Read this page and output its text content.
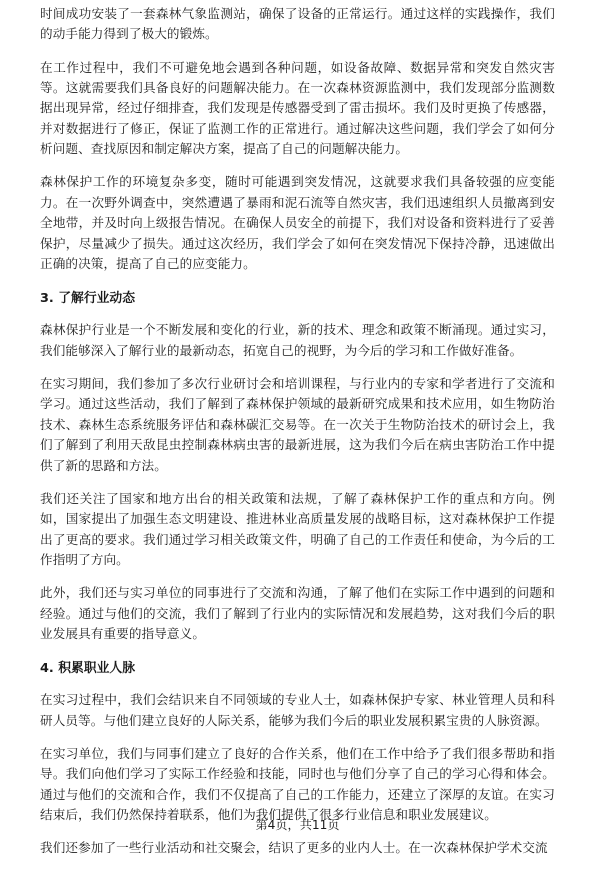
时间成功安装了一套森林气象监测站，确保了设备的正常运行。通过这样的实践操作，我们的动手能力得到了极大的锻炼。

在工作过程中，我们不可避免地会遇到各种问题，如设备故障、数据异常和突发自然灾害等。这就需要我们具备良好的问题解决能力。在一次森林资源监测中，我们发现部分监测数据出现异常，经过仔细排查，我们发现是传感器受到了雷击损坏。我们及时更换了传感器，并对数据进行了修正，保证了监测工作的正常进行。通过解决这些问题，我们学会了如何分析问题、查找原因和制定解决方案，提高了自己的问题解决能力。

森林保护工作的环境复杂多变，随时可能遇到突发情况，这就要求我们具备较强的应变能力。在一次野外调查中，突然遭遇了暴雨和泥石流等自然灾害，我们迅速组织人员撤离到安全地带，并及时向上级报告情况。在确保人员安全的前提下，我们对设备和资料进行了妥善保护，尽量减少了损失。通过这次经历，我们学会了如何在突发情况下保持冷静，迅速做出正确的决策，提高了自己的应变能力。

3. 了解行业动态

森林保护行业是一个不断发展和变化的行业，新的技术、理念和政策不断涌现。通过实习，我们能够深入了解行业的最新动态，拓宽自己的视野，为今后的学习和工作做好准备。

在实习期间，我们参加了多次行业研讨会和培训课程，与行业内的专家和学者进行了交流和学习。通过这些活动，我们了解到了森林保护领域的最新研究成果和技术应用，如生物防治技术、森林生态系统服务评估和森林碳汇交易等。在一次关于生物防治技术的研讨会上，我们了解到了利用天敌昆虫控制森林病虫害的最新进展，这为我们今后在病虫害防治工作中提供了新的思路和方法。

我们还关注了国家和地方出台的相关政策和法规，了解了森林保护工作的重点和方向。例如，国家提出了加强生态文明建设、推进林业高质量发展的战略目标，这对森林保护工作提出了更高的要求。我们通过学习相关政策文件，明确了自己的工作责任和使命，为今后的工作指明了方向。

此外，我们还与实习单位的同事进行了交流和沟通，了解了他们在实际工作中遇到的问题和经验。通过与他们的交流，我们了解到了行业内的实际情况和发展趋势，这对我们今后的职业发展具有重要的指导意义。

4. 积累职业人脉

在实习过程中，我们会结识来自不同领域的专业人士，如森林保护专家、林业管理人员和科研人员等。与他们建立良好的人际关系，能够为我们今后的职业发展积累宝贵的人脉资源。

在实习单位，我们与同事们建立了良好的合作关系，他们在工作中给予了我们很多帮助和指导。我们向他们学习了实际工作经验和技能，同时也与他们分享了自己的学习心得和体会。通过与他们的交流和合作，我们不仅提高了自己的工作能力，还建立了深厚的友谊。在实习结束后，我们仍然保持着联系，他们为我们提供了很多行业信息和职业发展建议。

我们还参加了一些行业活动和社交聚会，结识了更多的业内人士。在一次森林保护学术交流

第4页，共11页
